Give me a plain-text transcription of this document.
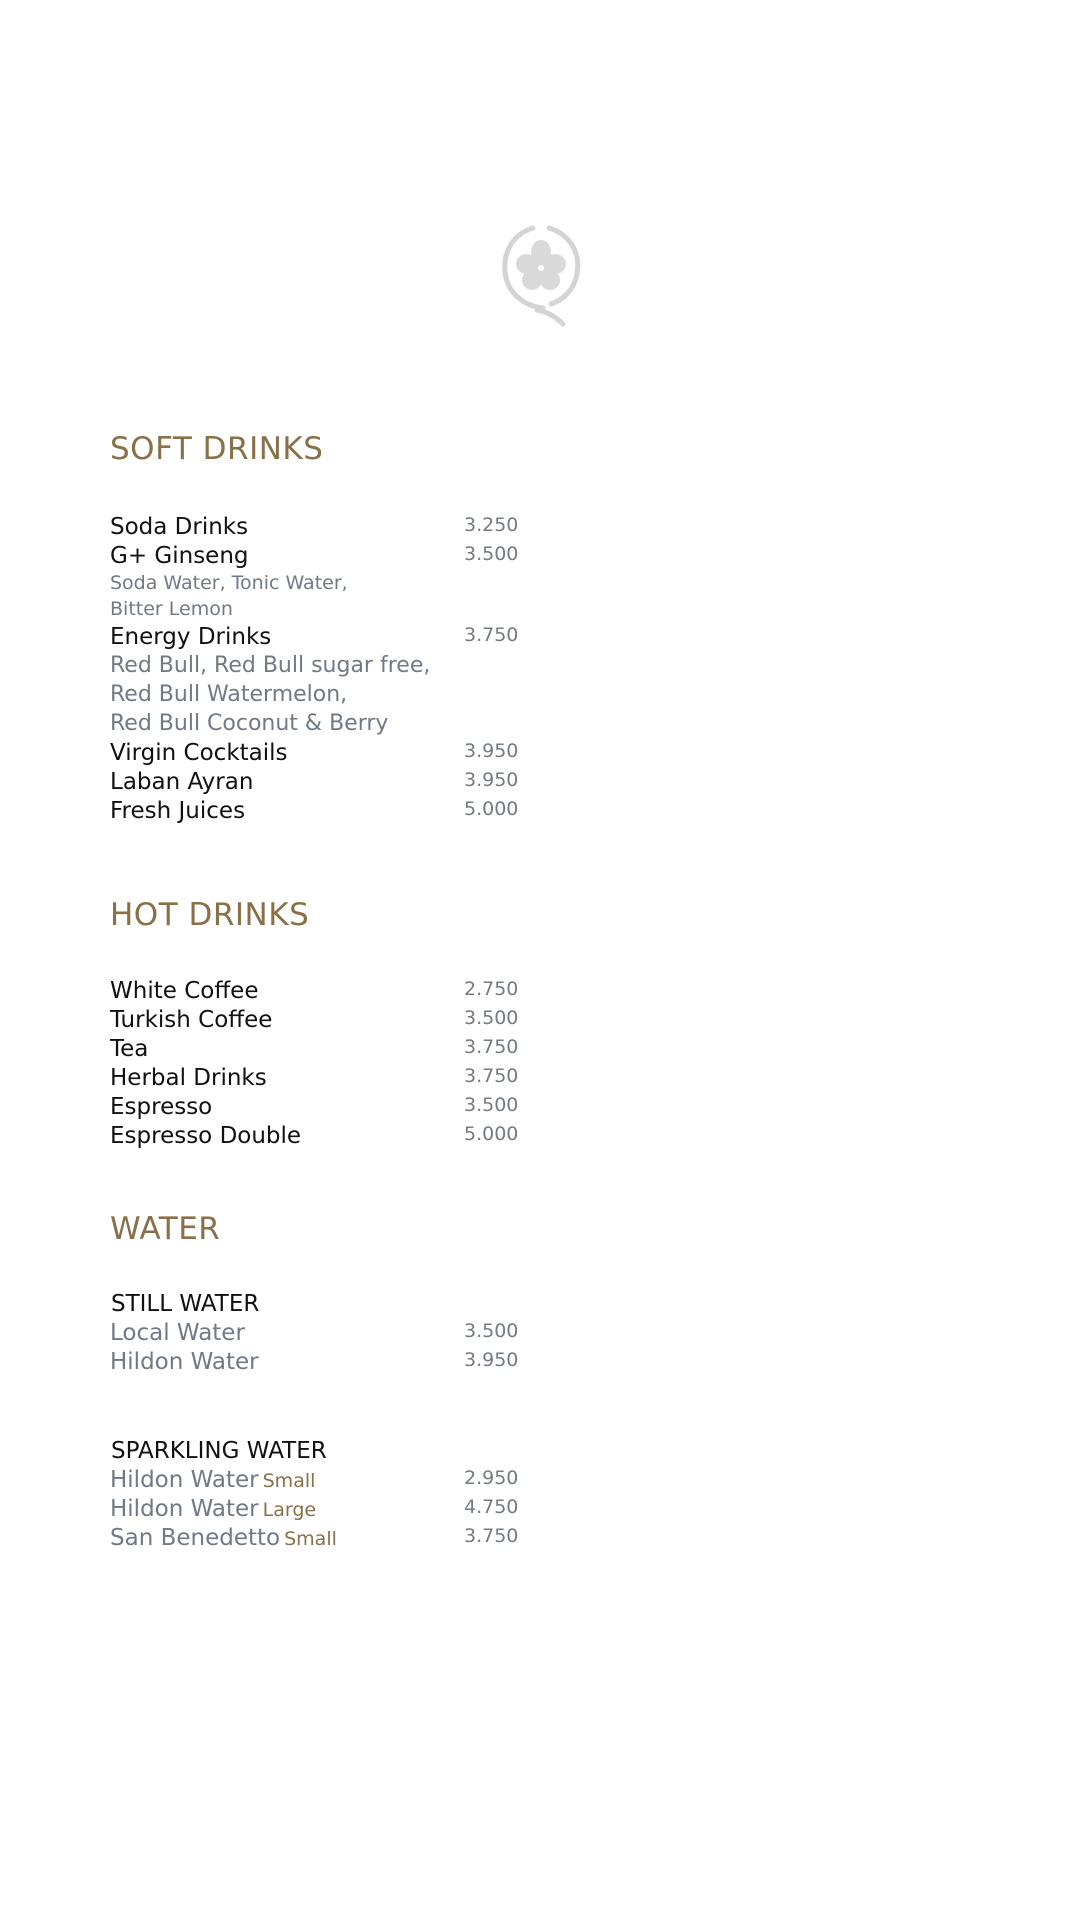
SOFT DRINKS
Soda Drinks	3.250
G+ Ginseng	3.500
Soda Water, Tonic Water,
Bitter Lemon
Energy Drinks	3.750
Red Bull, Red Bull sugar free,
Red Bull Watermelon,
Red Bull Coconut & Berry
Virgin Cocktails	3.950
Laban Ayran	3.950
Fresh Juices	5.000
HOT DRINKS
White Coffee	2.750
Turkish Coffee	3.500
Tea	3.750
Herbal Drinks	3.750
Espresso	3.500
Espresso Double	5.000
WATER
STILL WATER
Local Water	3.500
Hildon Water	3.950
SPARKLING WATER
Hildon Water Small	2.950
Hildon Water Large	4.750
San Benedetto Small	3.750
